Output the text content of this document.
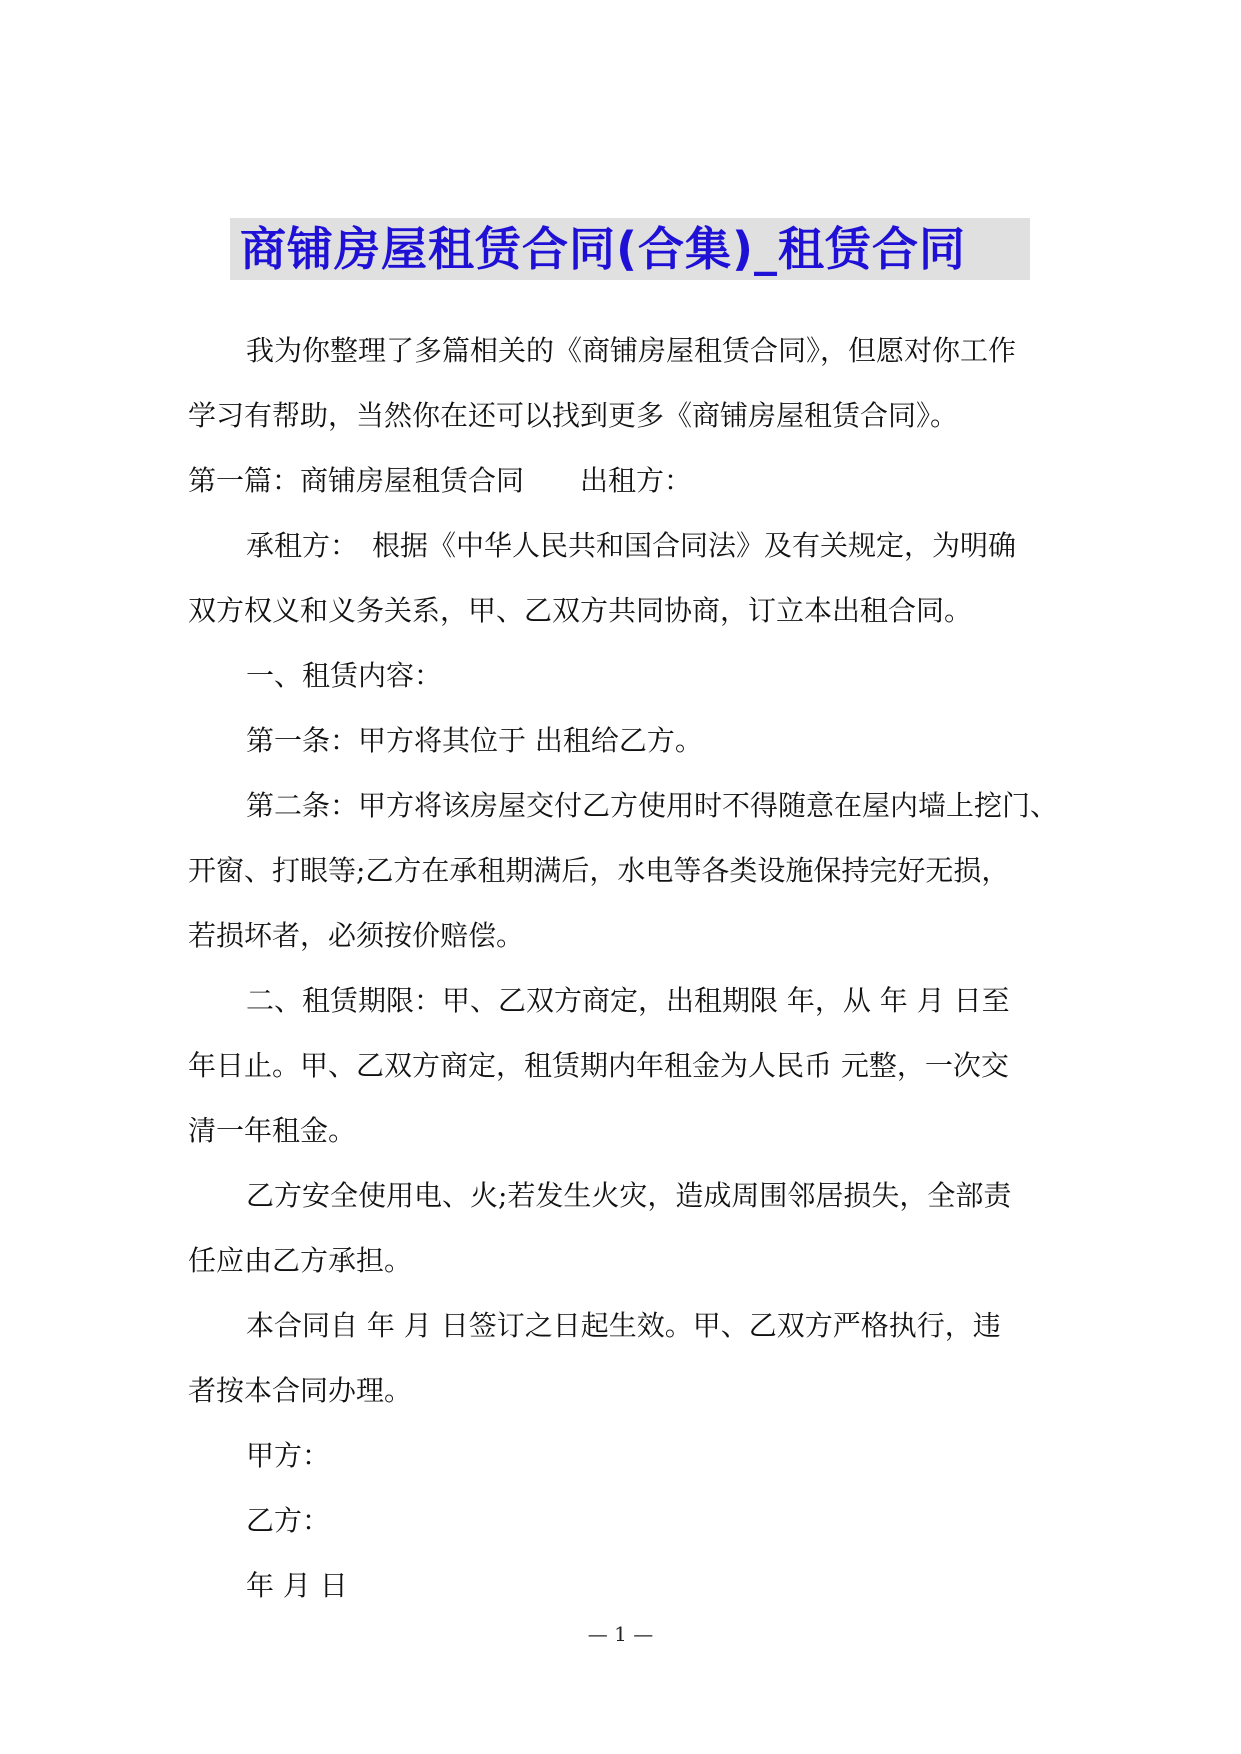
商铺房屋租赁合同(合集)_租赁合同
我为你整理了多篇相关的《商铺房屋租赁合同》，但愿对你工作
学习有帮助，当然你在还可以找到更多《商铺房屋租赁合同》。
第一篇：商铺房屋租赁合同　　出租方：
承租方：　根据《中华人民共和国合同法》及有关规定，为明确
双方权义和义务关系，甲、乙双方共同协商，订立本出租合同。
一、租赁内容：
第一条：甲方将其位于 出租给乙方。
第二条：甲方将该房屋交付乙方使用时不得随意在屋内墙上挖门、
开窗、打眼等;乙方在承租期满后，水电等各类设施保持完好无损，
若损坏者，必须按价赔偿。
二、租赁期限：甲、乙双方商定，出租期限 年，从 年 月 日至
年日止。甲、乙双方商定，租赁期内年租金为人民币 元整，一次交
清一年租金。
乙方安全使用电、火;若发生火灾，造成周围邻居损失，全部责
任应由乙方承担。
本合同自 年 月 日签订之日起生效。甲、乙双方严格执行，违
者按本合同办理。
甲方：
乙方：
年 月 日
— 1 —
